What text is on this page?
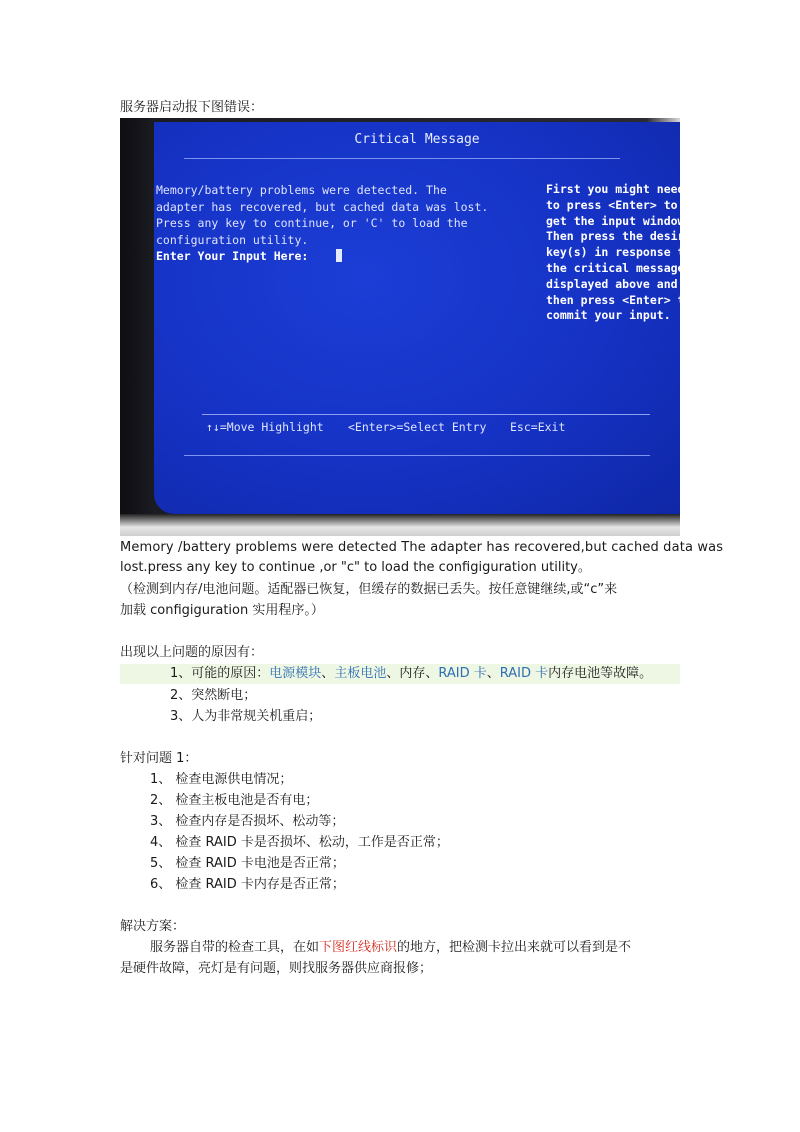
服务器启动报下图错误：
Critical Message
Memory/battery problems were detected. The
adapter has recovered, but cached data was lost.
Press any key to continue, or 'C' to load the
configuration utility.
Enter Your Input Here:
First you might need
to press <Enter> to
get the input window.
Then press the desired
key(s) in response to
the critical message
displayed above and
then press <Enter> to
commit your input.
↑↓=Move Highlight <Enter>=Select Entry Esc=Exit
Memory /battery problems were detected The adapter has recovered,but cached data was
lost.press any key to continue ,or "c" to load the configiguration utility。
（检测到内存/电池问题。适配器已恢复，但缓存的数据已丢失。按任意键继续,或“c”来
加载 configiguration 实用程序。）
出现以上问题的原因有：
1、可能的原因：电源模块、主板电池、内存、RAID 卡、RAID 卡内存电池等故障。
2、突然断电；
3、人为非常规关机重启；
针对问题 1：
1、 检查电源供电情况；
2、 检查主板电池是否有电；
3、 检查内存是否损坏、松动等；
4、 检查 RAID 卡是否损坏、松动，工作是否正常；
5、 检查 RAID 卡电池是否正常；
6、 检查 RAID 卡内存是否正常；
解决方案：
服务器自带的检查工具，在如下图红线标识的地方，把检测卡拉出来就可以看到是不
是硬件故障，亮灯是有问题，则找服务器供应商报修；
